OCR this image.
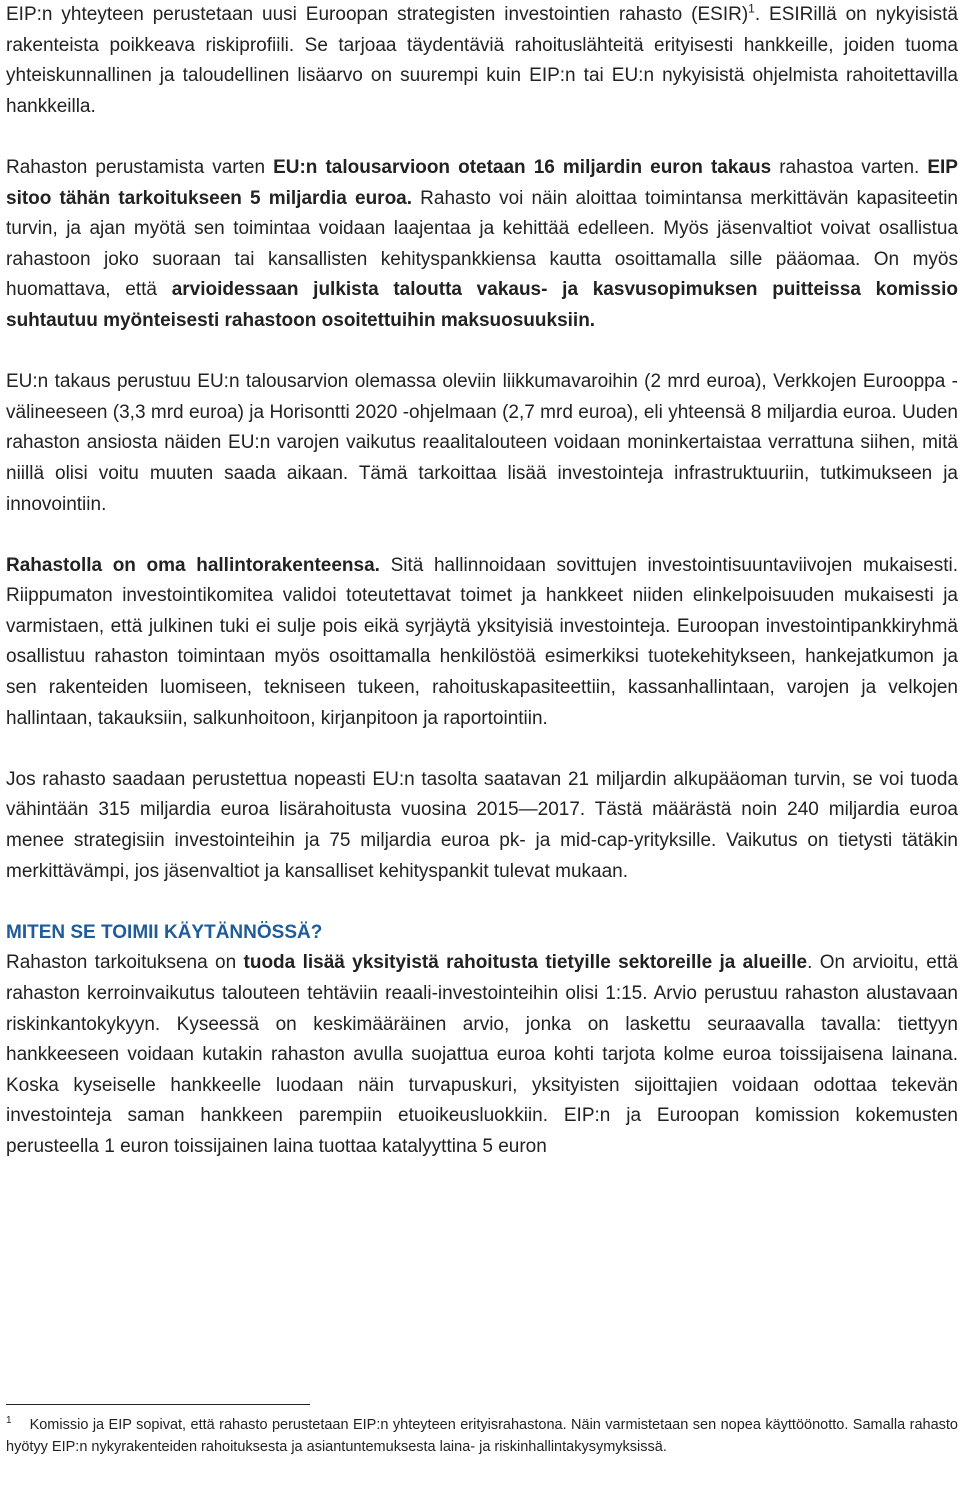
EIP:n yhteyteen perustetaan uusi Euroopan strategisten investointien rahasto (ESIR)$^1$. ESIRillä on nykyisistä rakenteista poikkeava riskiprofiili. Se tarjoaa täydentäviä rahoituslähteitä erityisesti hankkeille, joiden tuoma yhteiskunnallinen ja taloudellinen lisäarvo on suurempi kuin EIP:n tai EU:n nykyisistä ohjelmista rahoitettavilla hankkeilla.

Rahaston perustamista varten EU:n talousarvioon otetaan 16 miljardin euron takaus rahastoa varten. EIP sitoo tähän tarkoitukseen 5 miljardia euroa. Rahasto voi näin aloittaa toimintansa merkittävän kapasiteetin turvin, ja ajan myötä sen toimintaa voidaan laajentaa ja kehittää edelleen. Myös jäsenvaltiot voivat osallistua rahastoon joko suoraan tai kansallisten kehityspankkiensa kautta osoittamalla sille pääomaa. On myös huomattava, että arvioidessaan julkista taloutta vakaus- ja kasvusopimuksen puitteissa komissio suhtautuu myönteisesti rahastoon osoitettuihin maksuosuuksiin.

EU:n takaus perustuu EU:n talousarvion olemassa oleviin liikkumavaroihin (2 mrd euroa), Verkkojen Eurooppa -välineeseen (3,3 mrd euroa) ja Horisontti 2020 -ohjelmaan (2,7 mrd euroa), eli yhteensä 8 miljardia euroa. Uuden rahaston ansiosta näiden EU:n varojen vaikutus reaalitalouteen voidaan moninkertaistaa verrattuna siihen, mitä niillä olisi voitu muuten saada aikaan. Tämä tarkoittaa lisää investointeja infrastruktuuriin, tutkimukseen ja innovointiin.

Rahastolla on oma hallintorakenteensa. Sitä hallinnoidaan sovittujen investointisuuntaviivojen mukaisesti. Riippumaton investointikomitea validoi toteutettavat toimet ja hankkeet niiden elinkelpoisuuden mukaisesti ja varmistaen, että julkinen tuki ei sulje pois eikä syrjäytä yksityisiä investointeja. Euroopan investointipankkiryhmä osallistuu rahaston toimintaan myös osoittamalla henkilöstöä esimerkiksi tuotekehitykseen, hankejatkumon ja sen rakenteiden luomiseen, tekniseen tukeen, rahoituskapasiteettiin, kassanhallintaan, varojen ja velkojen hallintaan, takauksiin, salkunhoitoon, kirjanpitoon ja raportointiin.

Jos rahasto saadaan perustettua nopeasti EU:n tasolta saatavan 21 miljardin alkupääoman turvin, se voi tuoda vähintään 315 miljardia euroa lisärahoitusta vuosina 2015—2017. Tästä määrästä noin 240 miljardia euroa menee strategisiin investointeihin ja 75 miljardia euroa pk- ja mid-cap-yrityksille. Vaikutus on tietysti tätäkin merkittävämpi, jos jäsenvaltiot ja kansalliset kehityspankit tulevat mukaan.

MITEN SE TOIMII KÄYTÄNNÖSSÄ?

Rahaston tarkoituksena on tuoda lisää yksityistä rahoitusta tietyille sektoreille ja alueille. On arvioitu, että rahaston kerroinvaikutus talouteen tehtäviin reaali-investointeihin olisi 1:15. Arvio perustuu rahaston alustavaan riskinkantokykyyn. Kyseessä on keskimääräinen arvio, jonka on laskettu seuraavalla tavalla: tiettyyn hankkeeseen voidaan kutakin rahaston avulla suojattua euroa kohti tarjota kolme euroa toissijaisena lainana. Koska kyseiselle hankkeelle luodaan näin turvapuskuri, yksityisten sijoittajien voidaan odottaa tekevän investointeja saman hankkeen parempiin etuoikeusluokkiin. EIP:n ja Euroopan komission kokemusten perusteella 1 euron toissijainen laina tuottaa katalyyttina 5 euron

$^1$ Komissio ja EIP sopivat, että rahasto perustetaan EIP:n yhteyteen erityisrahastona. Näin varmistetaan sen nopea käyttöönotto. Samalla rahasto hyötyy EIP:n nykyrakenteiden rahoituksesta ja asiantuntemuksesta laina- ja riskinhallintakysymyksissä.
